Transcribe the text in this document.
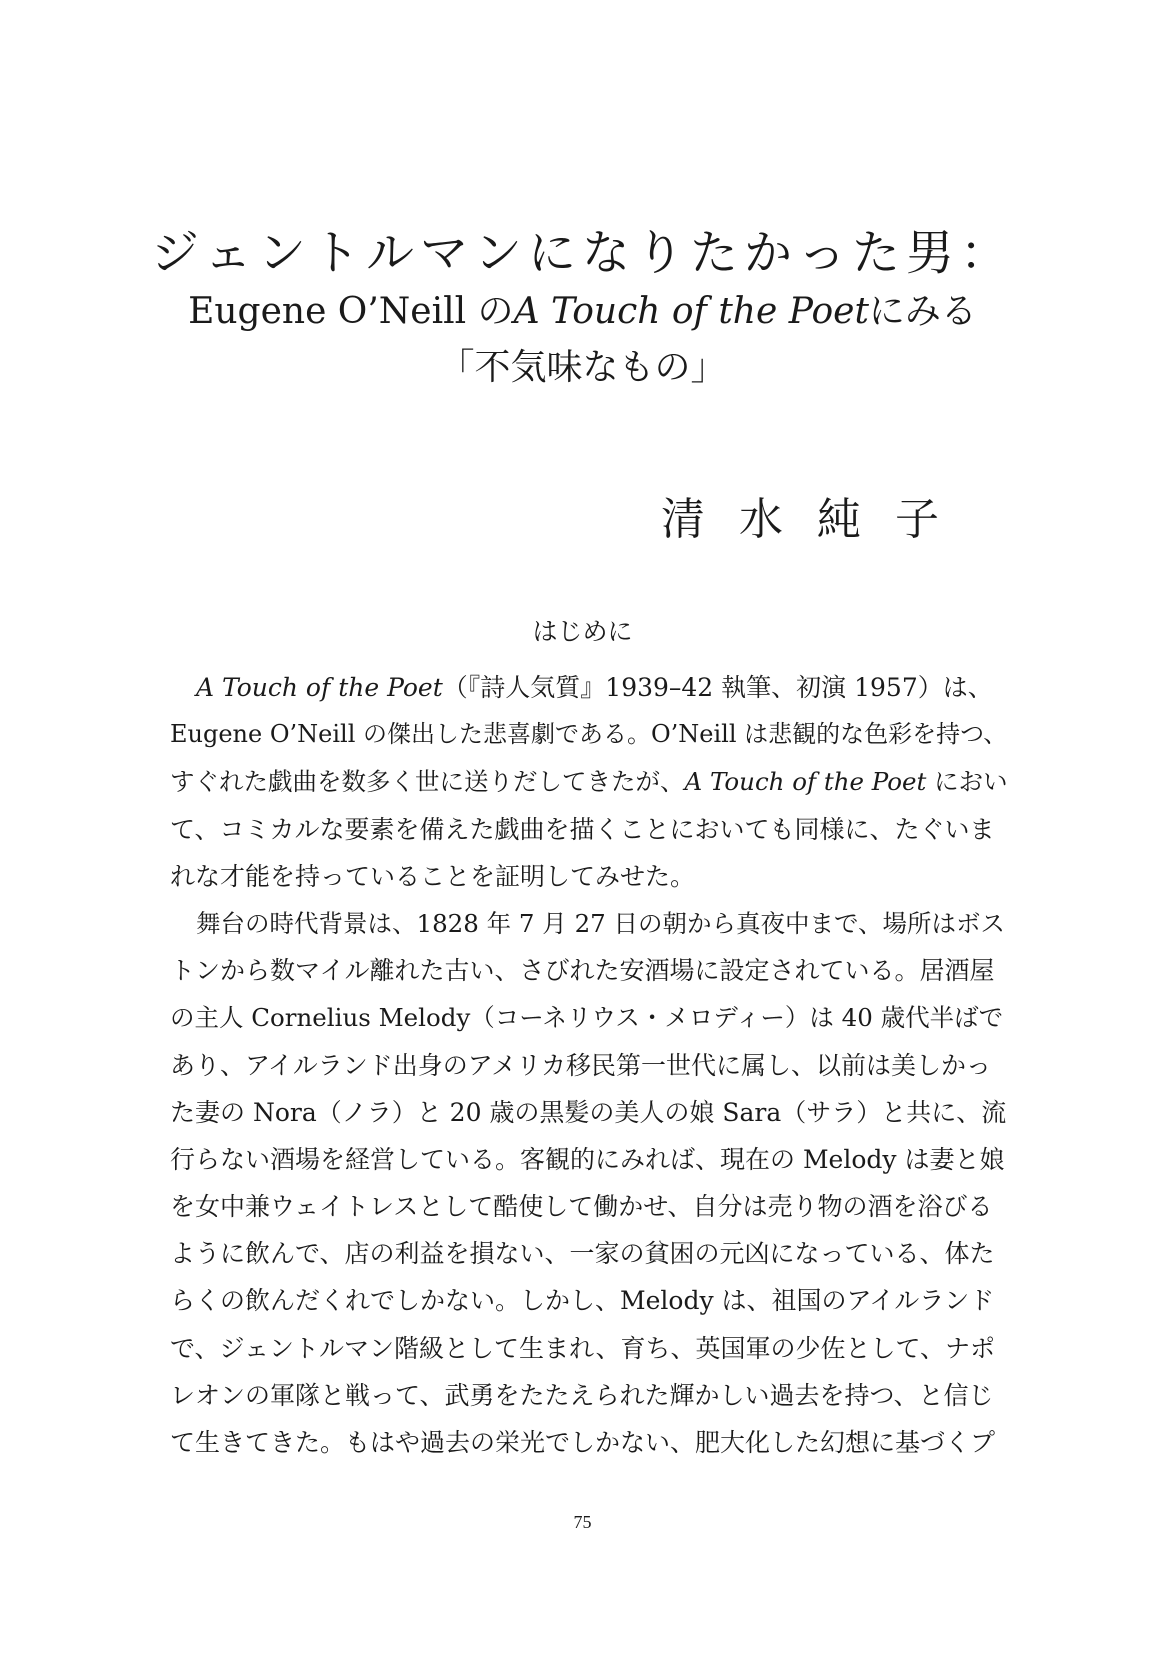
ジェントルマンになりたかった男：
Eugene O’Neill のA Touch of the Poetにみる
「不気味なもの」
清水純子
はじめに
A Touch of the Poet（『詩人気質』1939–42 執筆、初演 1957）は、
Eugene O’Neill の傑出した悲喜劇である。O’Neill は悲観的な色彩を持つ、
すぐれた戯曲を数多く世に送りだしてきたが、A Touch of the Poet におい
て、コミカルな要素を備えた戯曲を描くことにおいても同様に、たぐいま
れな才能を持っていることを証明してみせた。
舞台の時代背景は、1828 年 7 月 27 日の朝から真夜中まで、場所はボス
トンから数マイル離れた古い、さびれた安酒場に設定されている。居酒屋
の主人 Cornelius Melody（コーネリウス・メロディー）は 40 歳代半ばで
あり、アイルランド出身のアメリカ移民第一世代に属し、以前は美しかっ
た妻の Nora（ノラ）と 20 歳の黒髪の美人の娘 Sara（サラ）と共に、流
行らない酒場を経営している。客観的にみれば、現在の Melody は妻と娘
を女中兼ウェイトレスとして酷使して働かせ、自分は売り物の酒を浴びる
ように飲んで、店の利益を損ない、一家の貧困の元凶になっている、体た
らくの飲んだくれでしかない。しかし、Melody は、祖国のアイルランド
で、ジェントルマン階級として生まれ、育ち、英国軍の少佐として、ナポ
レオンの軍隊と戦って、武勇をたたえられた輝かしい過去を持つ、と信じ
て生きてきた。もはや過去の栄光でしかない、肥大化した幻想に基づくプ
75
